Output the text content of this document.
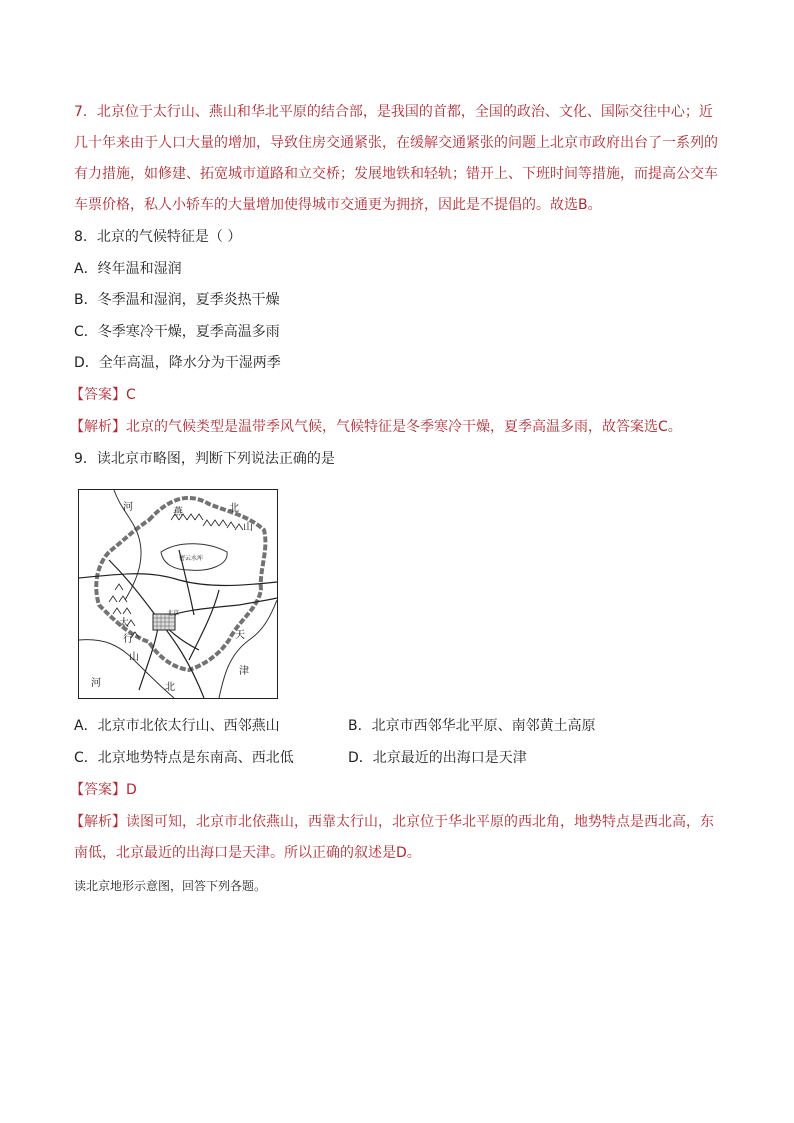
7．北京位于太行山、燕山和华北平原的结合部，是我国的首都，全国的政治、文化、国际交往中心；近
几十年来由于人口大量的增加，导致住房交通紧张，在缓解交通紧张的问题上北京市政府出台了一系列的
有力措施，如修建、拓宽城市道路和立交桥；发展地铁和轻轨；错开上、下班时间等措施，而提高公交车
车票价格，私人小轿车的大量增加使得城市交通更为拥挤，因此是不提倡的。故选B。
8．北京的气候特征是（ ）
A．终年温和湿润
B．冬季温和湿润，夏季炎热干燥
C．冬季寒冷干燥，夏季高温多雨
D．全年高温，降水分为干湿两季
【答案】C
【解析】北京的气候类型是温带季风气候，气候特征是冬季寒冷干燥，夏季高温多雨，故答案选C。
9．读北京市略图，判断下列说法正确的是
河	燕	北
山
密云水库
北京
太
行
山
天
津
河	北
A．北京市北依太行山、西邻燕山	B．北京市西邻华北平原、南邻黄土高原
C．北京地势特点是东南高、西北低	D．北京最近的出海口是天津
【答案】D
【解析】读图可知，北京市北依燕山，西靠太行山，北京位于华北平原的西北角，地势特点是西北高，东
南低，北京最近的出海口是天津。所以正确的叙述是D。
读北京地形示意图，回答下列各题。
